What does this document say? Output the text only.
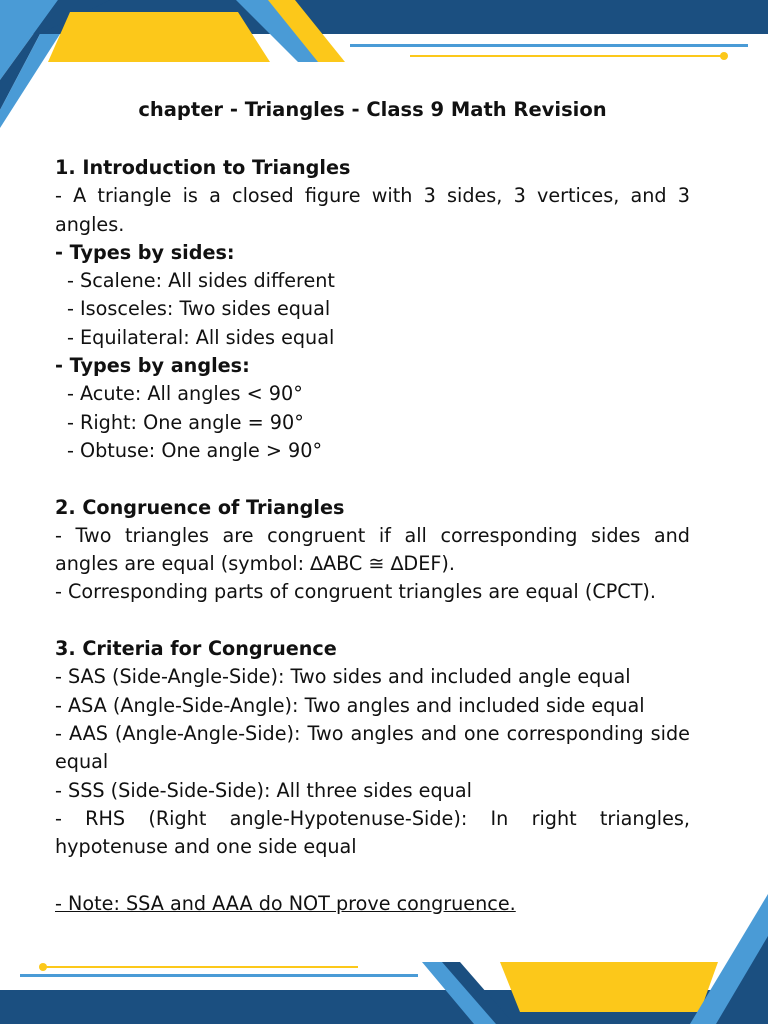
chapter - Triangles - Class 9 Math Revision

1. Introduction to Triangles

- A triangle is a closed figure with 3 sides, 3 vertices, and 3 angles.

- Types by sides:

- Scalene: All sides different

- Isosceles: Two sides equal

- Equilateral: All sides equal

- Types by angles:

- Acute: All angles < 90°

- Right: One angle = 90°

- Obtuse: One angle > 90°

2. Congruence of Triangles

- Two triangles are congruent if all corresponding sides and angles are equal (symbol: ∆ABC ≅ ∆DEF).

- Corresponding parts of congruent triangles are equal (CPCT).

3. Criteria for Congruence

- SAS (Side-Angle-Side): Two sides and included angle equal

- ASA (Angle-Side-Angle): Two angles and included side equal

- AAS (Angle-Angle-Side): Two angles and one corresponding side equal

- SSS (Side-Side-Side): All three sides equal

- RHS (Right angle-Hypotenuse-Side): In right triangles, hypotenuse and one side equal

- Note: SSA and AAA do NOT prove congruence.
